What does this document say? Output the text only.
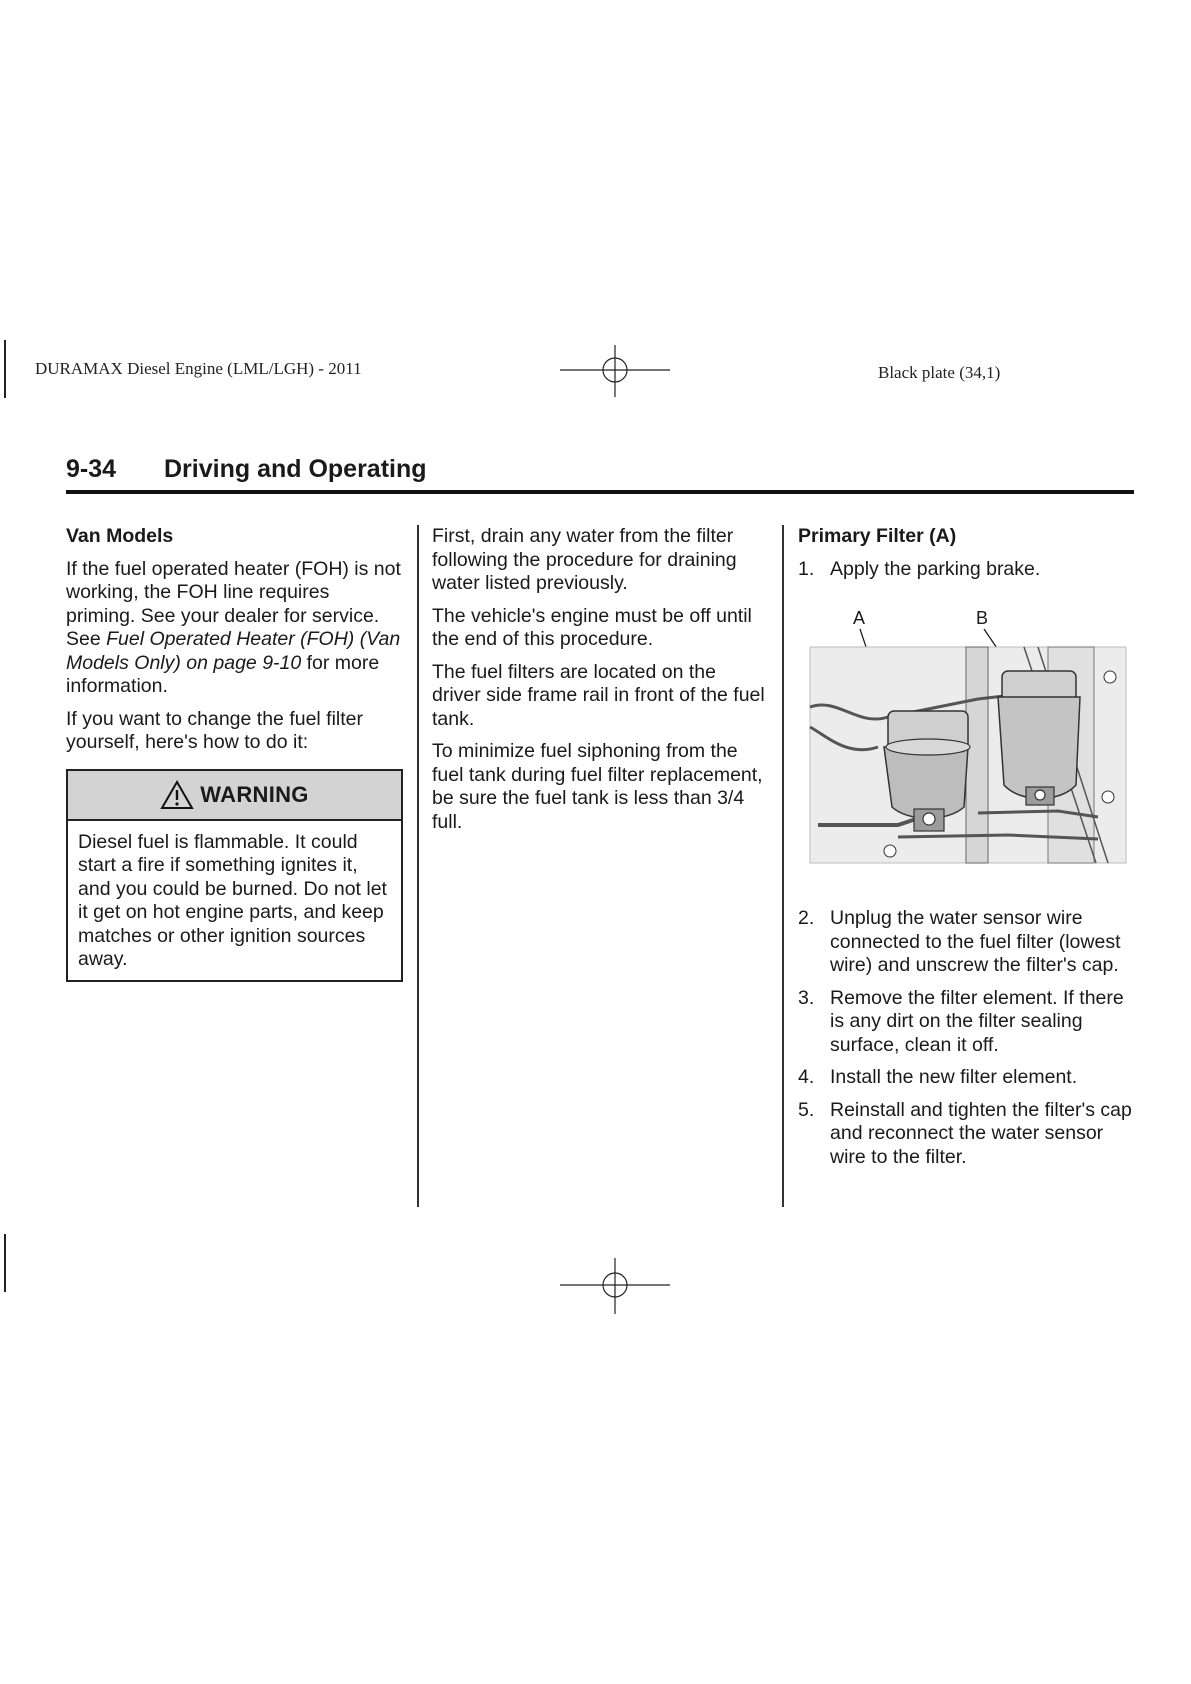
DURAMAX Diesel Engine (LML/LGH) - 2011	Black plate (34,1)
9-34 Driving and Operating
Van Models

If the fuel operated heater (FOH) is not working, the FOH line requires priming. See your dealer for service. See Fuel Operated Heater (FOH) (Van Models Only) on page 9-10 for more information.

If you want to change the fuel filter yourself, here's how to do it:

WARNING
Diesel fuel is flammable. It could start a fire if something ignites it, and you could be burned. Do not let it get on hot engine parts, and keep matches or other ignition sources away.

First, drain any water from the filter following the procedure for draining water listed previously.

The vehicle's engine must be off until the end of this procedure.

The fuel filters are located on the driver side frame rail in front of the fuel tank.

To minimize fuel siphoning from the fuel tank during fuel filter replacement, be sure the fuel tank is less than 3/4 full.

Primary Filter (A)
1. Apply the parking brake.
A	B
2. Unplug the water sensor wire connected to the fuel filter (lowest wire) and unscrew the filter's cap.
3. Remove the filter element. If there is any dirt on the filter sealing surface, clean it off.
4. Install the new filter element.
5. Reinstall and tighten the filter's cap and reconnect the water sensor wire to the filter.
